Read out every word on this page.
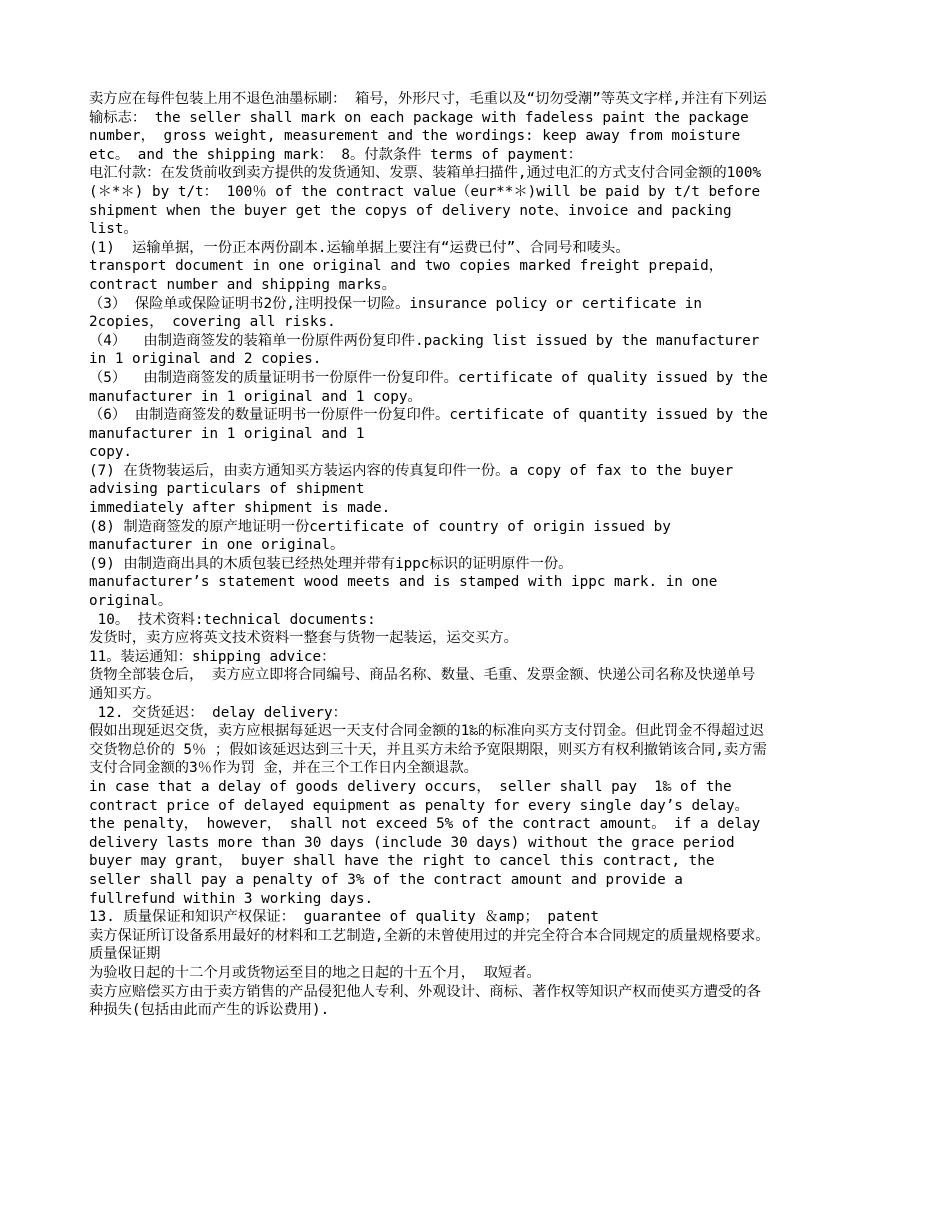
卖方应在每件包装上用不退色油墨标刷： 箱号，外形尺寸，毛重以及“切勿受潮”等英文字样,并注有下列运
输标志： the seller shall mark on each package with fadeless paint the package
number， gross weight, measurement and the wordings: keep away from moisture
etc。 and the shipping mark： 8。付款条件 terms of payment：
电汇付款：在发货前收到卖方提供的发货通知、发票、装箱单扫描件,通过电汇的方式支付合同金额的100%
(＊*＊) by t/t： 100％ of the contract value（eur**＊)will be paid by t/t before
shipment when the buyer get the copys of delivery note、invoice and packing
list。
(1)  运输单据，一份正本两份副本.运输单据上要注有“运费已付”、合同号和唛头。
transport document in one original and two copies marked freight prepaid，
contract number and shipping marks。
（3） 保险单或保险证明书2份,注明投保一切险。insurance policy or certificate in
2copies， covering all risks.
（4）  由制造商签发的装箱单一份原件两份复印件.packing list issued by the manufacturer
in 1 original and 2 copies.
（5）  由制造商签发的质量证明书一份原件一份复印件。certificate of quality issued by the
manufacturer in 1 original and 1 copy。
（6） 由制造商签发的数量证明书一份原件一份复印件。certificate of quantity issued by the
manufacturer in 1 original and 1
copy.
(7) 在货物装运后，由卖方通知买方装运内容的传真复印件一份。a copy of fax to the buyer
advising particulars of shipment
immediately after shipment is made.
(8) 制造商签发的原产地证明一份certificate of country of origin issued by
manufacturer in one original。
(9) 由制造商出具的木质包装已经热处理并带有ippc标识的证明原件一份。
manufacturer’s statement wood meets and is stamped with ippc mark. in one
original。
10。 技术资料:technical documents:
发货时，卖方应将英文技术资料一整套与货物一起装运，运交买方。
11。装运通知：shipping advice：
货物全部装仓后， 卖方应立即将合同编号、商品名称、数量、毛重、发票金额、快递公司名称及快递单号
通知买方。
12. 交货延迟： delay delivery：
假如出现延迟交货，卖方应根据每延迟一天支付合同金额的1‰的标准向买方支付罚金。但此罚金不得超过迟
交货物总价的 5％ ；假如该延迟达到三十天，并且买方未给予宽限期限，则买方有权利撤销该合同,卖方需
支付合同金额的3％作为罚 金，并在三个工作日内全额退款。
in case that a delay of goods delivery occurs， seller shall pay  1‰ of the
contract price of delayed equipment as penalty for every single day’s delay。
the penalty， however， shall not exceed 5% of the contract amount。 if a delay
delivery lasts more than 30 days (include 30 days) without the grace period
buyer may grant， buyer shall have the right to cancel this contract, the
seller shall pay a penalty of 3% of the contract amount and provide a
fullrefund within 3 working days.
13. 质量保证和知识产权保证： guarantee of quality ＆amp； patent
卖方保证所订设备系用最好的材料和工艺制造,全新的未曾使用过的并完全符合本合同规定的质量规格要求。
质量保证期
为验收日起的十二个月或货物运至目的地之日起的十五个月， 取短者。
卖方应赔偿买方由于卖方销售的产品侵犯他人专利、外观设计、商标、著作权等知识产权而使买方遭受的各
种损失(包括由此而产生的诉讼费用).
